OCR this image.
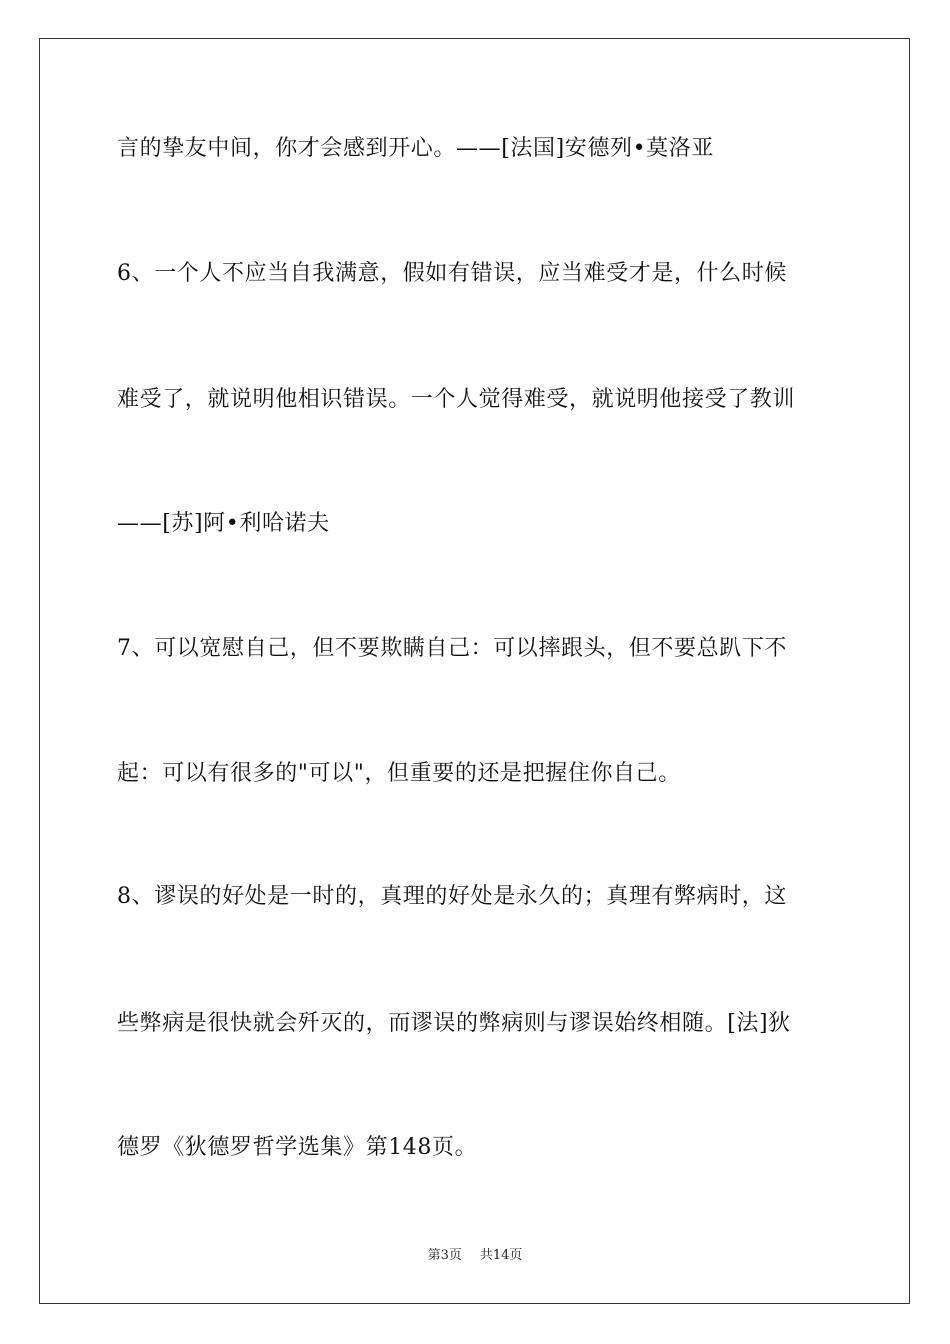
言的挚友中间，你才会感到开心。——[法国]安德列•莫洛亚
6、一个人不应当自我满意，假如有错误，应当难受才是，什么时候
难受了，就说明他相识错误。一个人觉得难受，就说明他接受了教训
——[苏]阿•利哈诺夫
7、可以宽慰自己，但不要欺瞒自己：可以摔跟头，但不要总趴下不
起：可以有很多的"可以"，但重要的还是把握住你自己。
8、谬误的好处是一时的，真理的好处是永久的；真理有弊病时，这
些弊病是很快就会歼灭的，而谬误的弊病则与谬误始终相随。[法]狄
德罗《狄德罗哲学选集》第148页。
第3页 共14页
